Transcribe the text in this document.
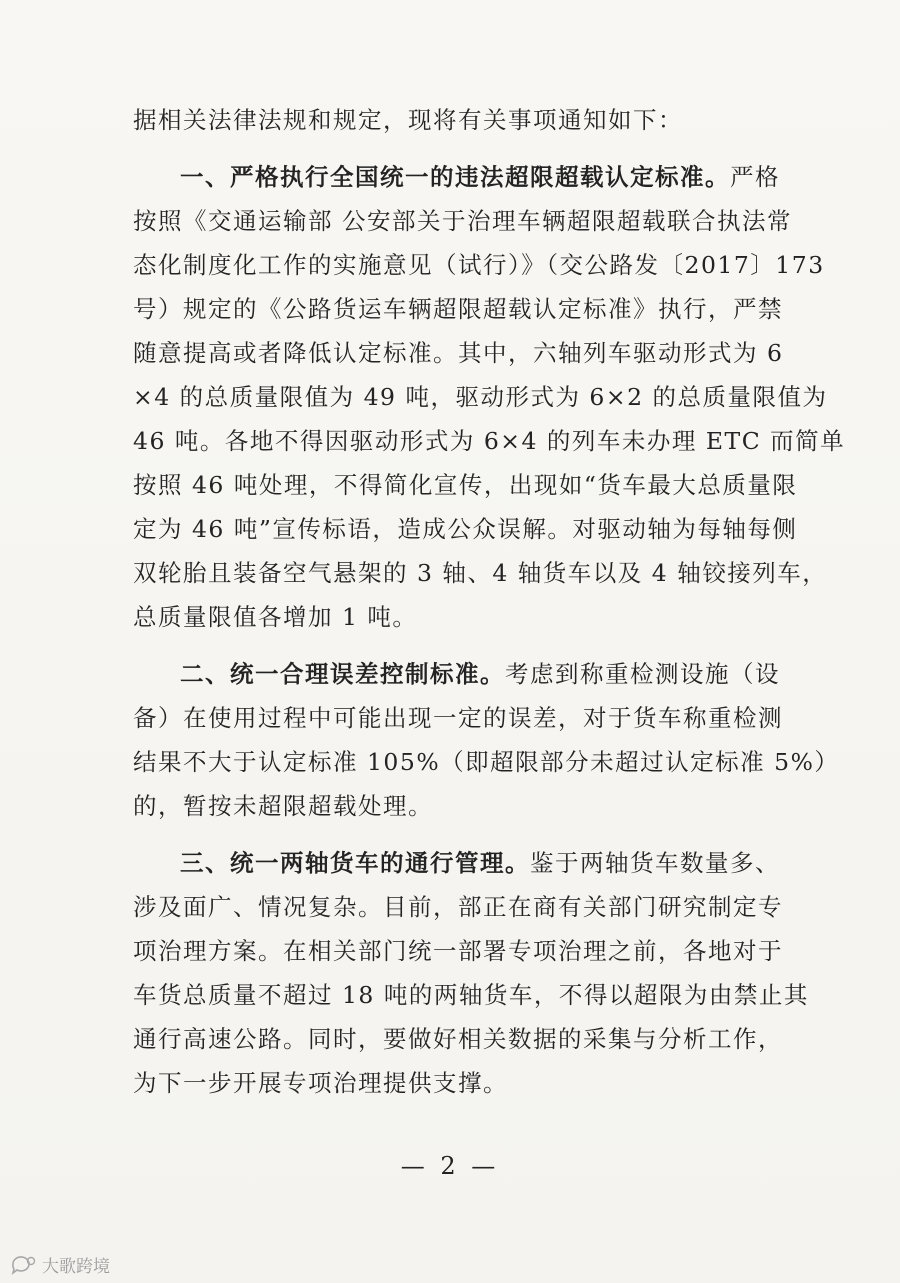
据相关法律法规和规定，现将有关事项通知如下：
一、严格执行全国统一的违法超限超载认定标准。严格
按照《交通运输部 公安部关于治理车辆超限超载联合执法常
态化制度化工作的实施意见（试行）》（交公路发〔2017〕173
号）规定的《公路货运车辆超限超载认定标准》执行，严禁
随意提高或者降低认定标准。其中，六轴列车驱动形式为 6
×4 的总质量限值为 49 吨，驱动形式为 6×2 的总质量限值为
46 吨。各地不得因驱动形式为 6×4 的列车未办理 ETC 而简单
按照 46 吨处理，不得简化宣传，出现如“货车最大总质量限
定为 46 吨”宣传标语，造成公众误解。对驱动轴为每轴每侧
双轮胎且装备空气悬架的 3 轴、4 轴货车以及 4 轴铰接列车，
总质量限值各增加 1 吨。
二、统一合理误差控制标准。考虑到称重检测设施（设
备）在使用过程中可能出现一定的误差，对于货车称重检测
结果不大于认定标准 105%（即超限部分未超过认定标准 5%）
的，暂按未超限超载处理。
三、统一两轴货车的通行管理。鉴于两轴货车数量多、
涉及面广、情况复杂。目前，部正在商有关部门研究制定专
项治理方案。在相关部门统一部署专项治理之前，各地对于
车货总质量不超过 18 吨的两轴货车，不得以超限为由禁止其
通行高速公路。同时，要做好相关数据的采集与分析工作，
为下一步开展专项治理提供支撑。
— 2 —
大歌跨境
